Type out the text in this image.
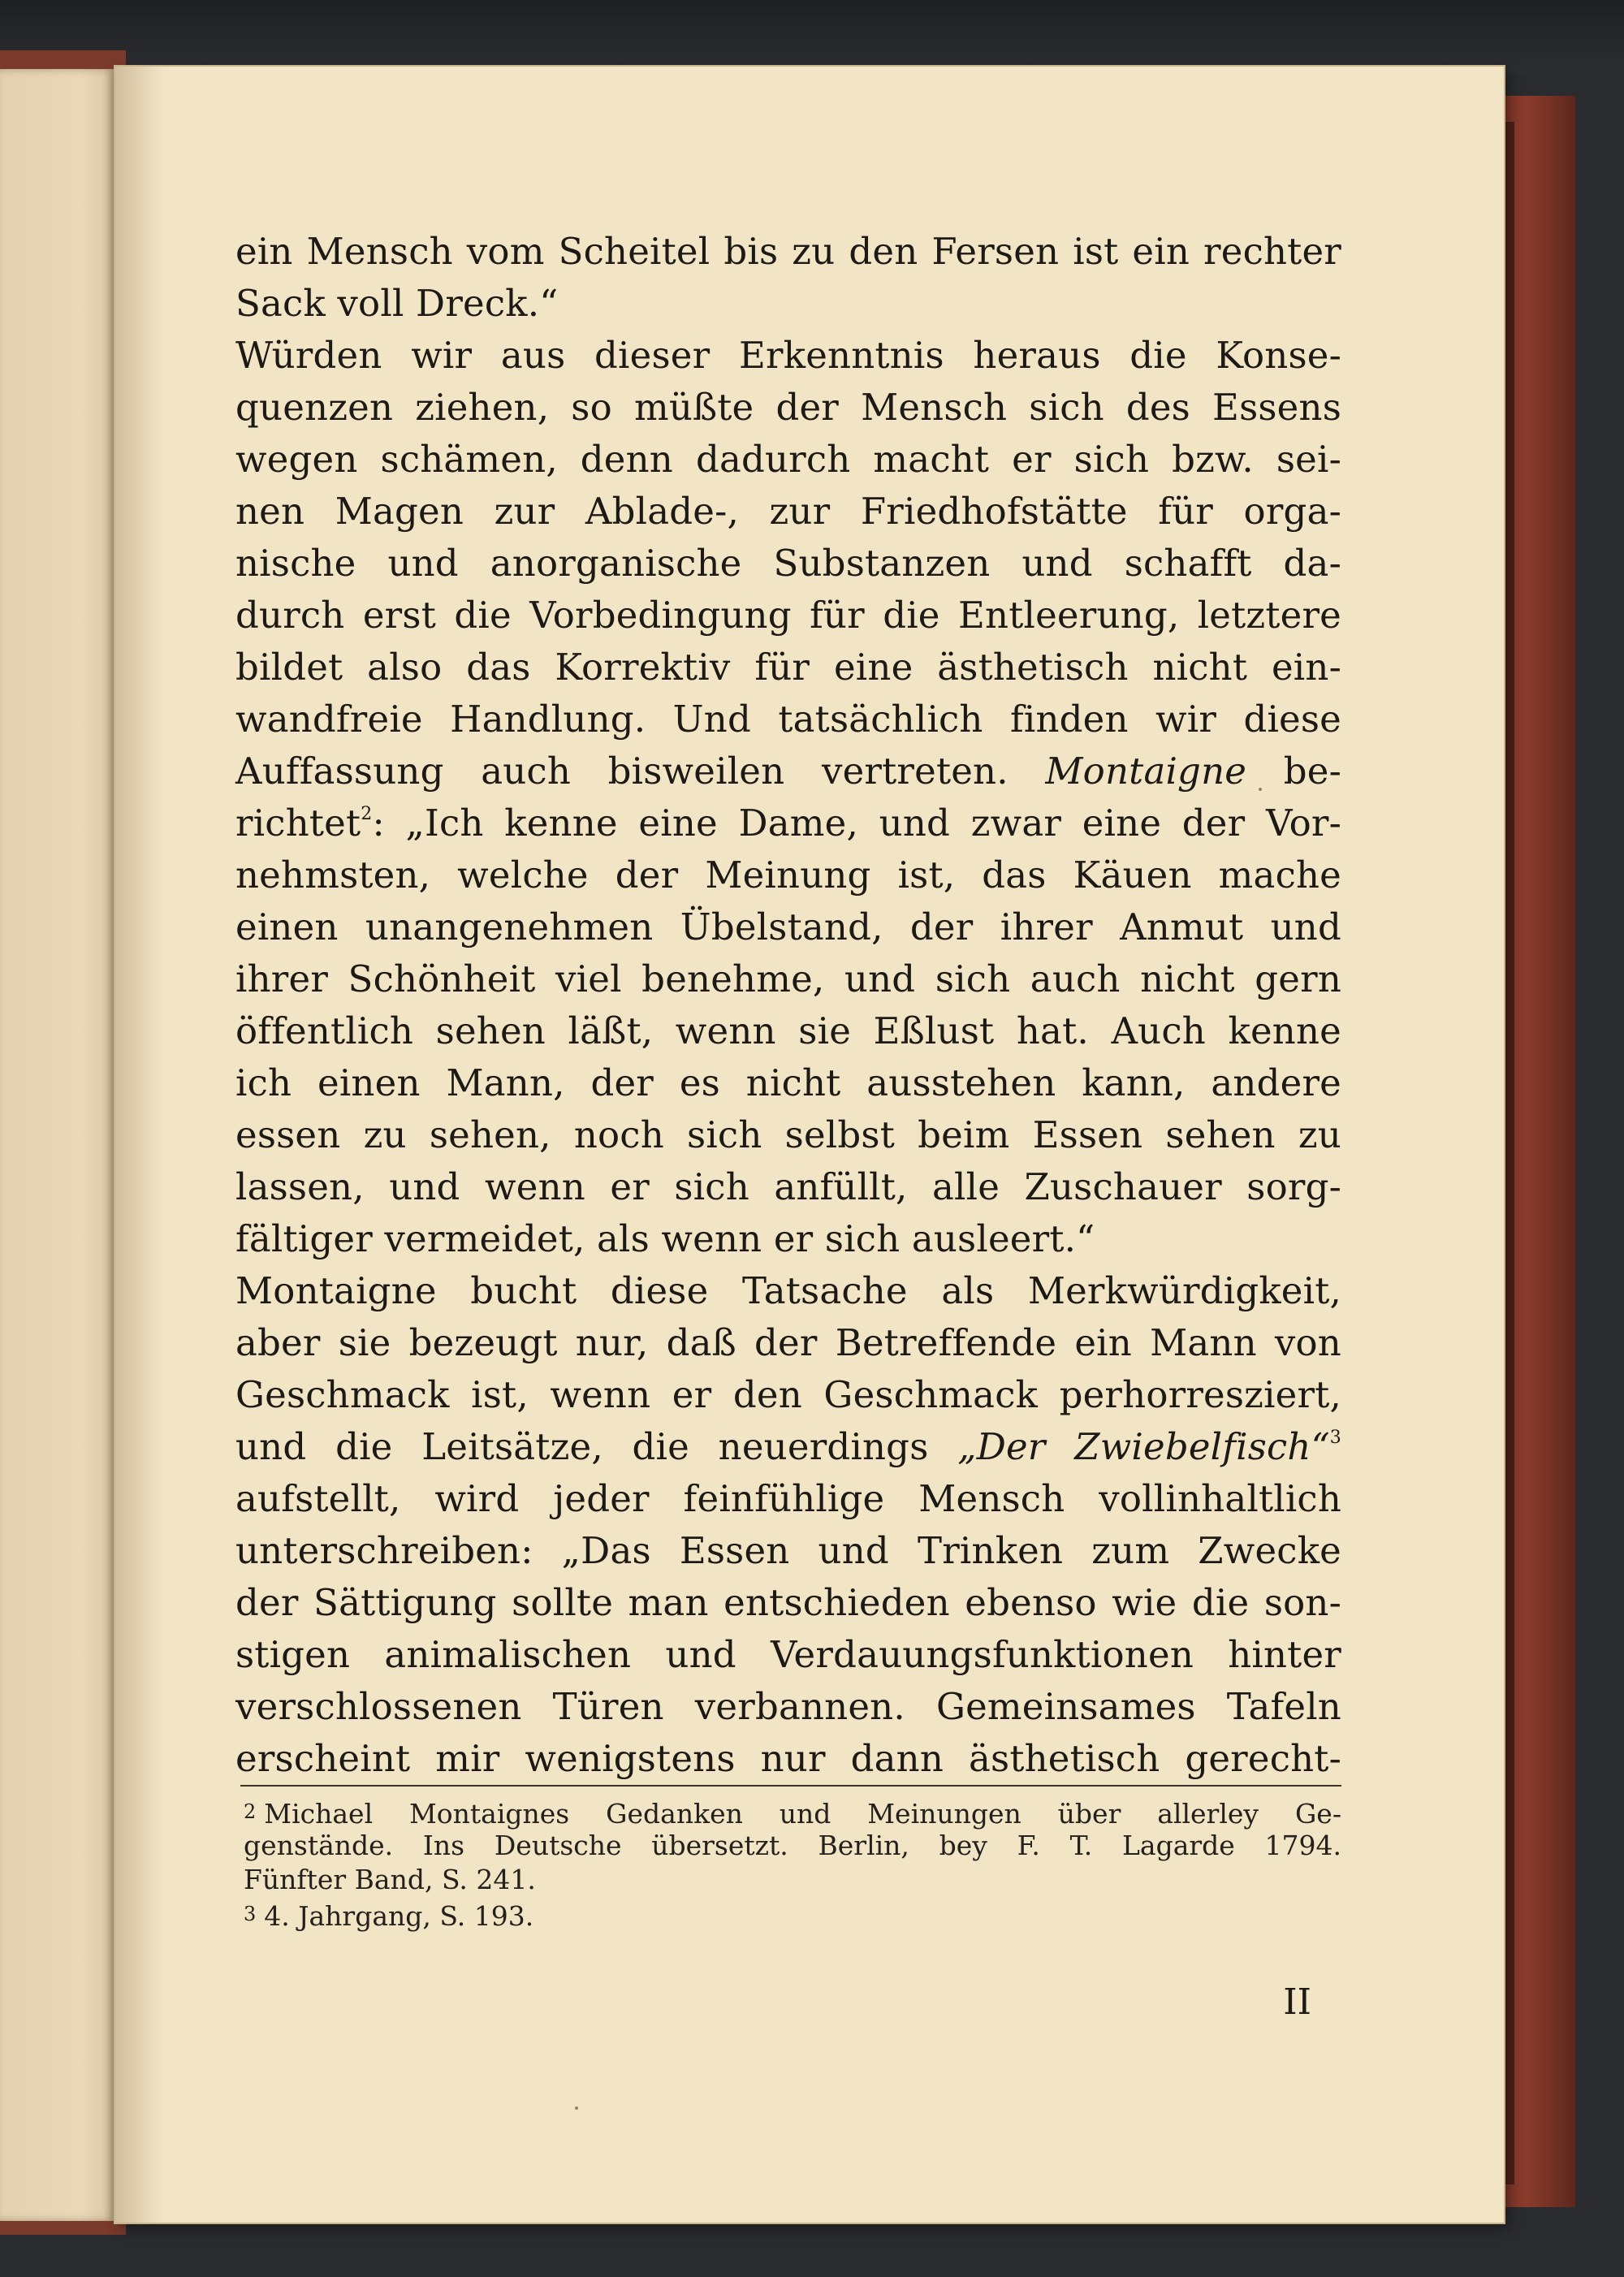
ein Mensch vom Scheitel bis zu den Fersen ist ein rechter
Sack voll Dreck.“
Würden wir aus dieser Erkenntnis heraus die Konse-
quenzen ziehen, so müßte der Mensch sich des Essens
wegen schämen, denn dadurch macht er sich bzw. sei-
nen Magen zur Ablade-, zur Friedhofstätte für orga-
nische und anorganische Substanzen und schafft da-
durch erst die Vorbedingung für die Entleerung, letztere
bildet also das Korrektiv für eine ästhetisch nicht ein-
wandfreie Handlung. Und tatsächlich finden wir diese
Auffassung auch bisweilen vertreten. Montaigne be-
richtet$^2$: „Ich kenne eine Dame, und zwar eine der Vor-
nehmsten, welche der Meinung ist, das Käuen mache
einen unangenehmen Übelstand, der ihrer Anmut und
ihrer Schönheit viel benehme, und sich auch nicht gern
öffentlich sehen läßt, wenn sie Eßlust hat. Auch kenne
ich einen Mann, der es nicht ausstehen kann, andere
essen zu sehen, noch sich selbst beim Essen sehen zu
lassen, und wenn er sich anfüllt, alle Zuschauer sorg-
fältiger vermeidet, als wenn er sich ausleert.“
Montaigne bucht diese Tatsache als Merkwürdigkeit,
aber sie bezeugt nur, daß der Betreffende ein Mann von
Geschmack ist, wenn er den Geschmack perhorresziert,
und die Leitsätze, die neuerdings „Der Zwiebelfisch“$^3$
aufstellt, wird jeder feinfühlige Mensch vollinhaltlich
unterschreiben: „Das Essen und Trinken zum Zwecke
der Sättigung sollte man entschieden ebenso wie die son-
stigen animalischen und Verdauungsfunktionen hinter
verschlossenen Türen verbannen. Gemeinsames Tafeln
erscheint mir wenigstens nur dann ästhetisch gerecht-
2 Michael Montaignes Gedanken und Meinungen über allerley Ge-
genstände. Ins Deutsche übersetzt. Berlin, bey F. T. Lagarde 1794.
Fünfter Band, S. 241.
3 4. Jahrgang, S. 193.
II
